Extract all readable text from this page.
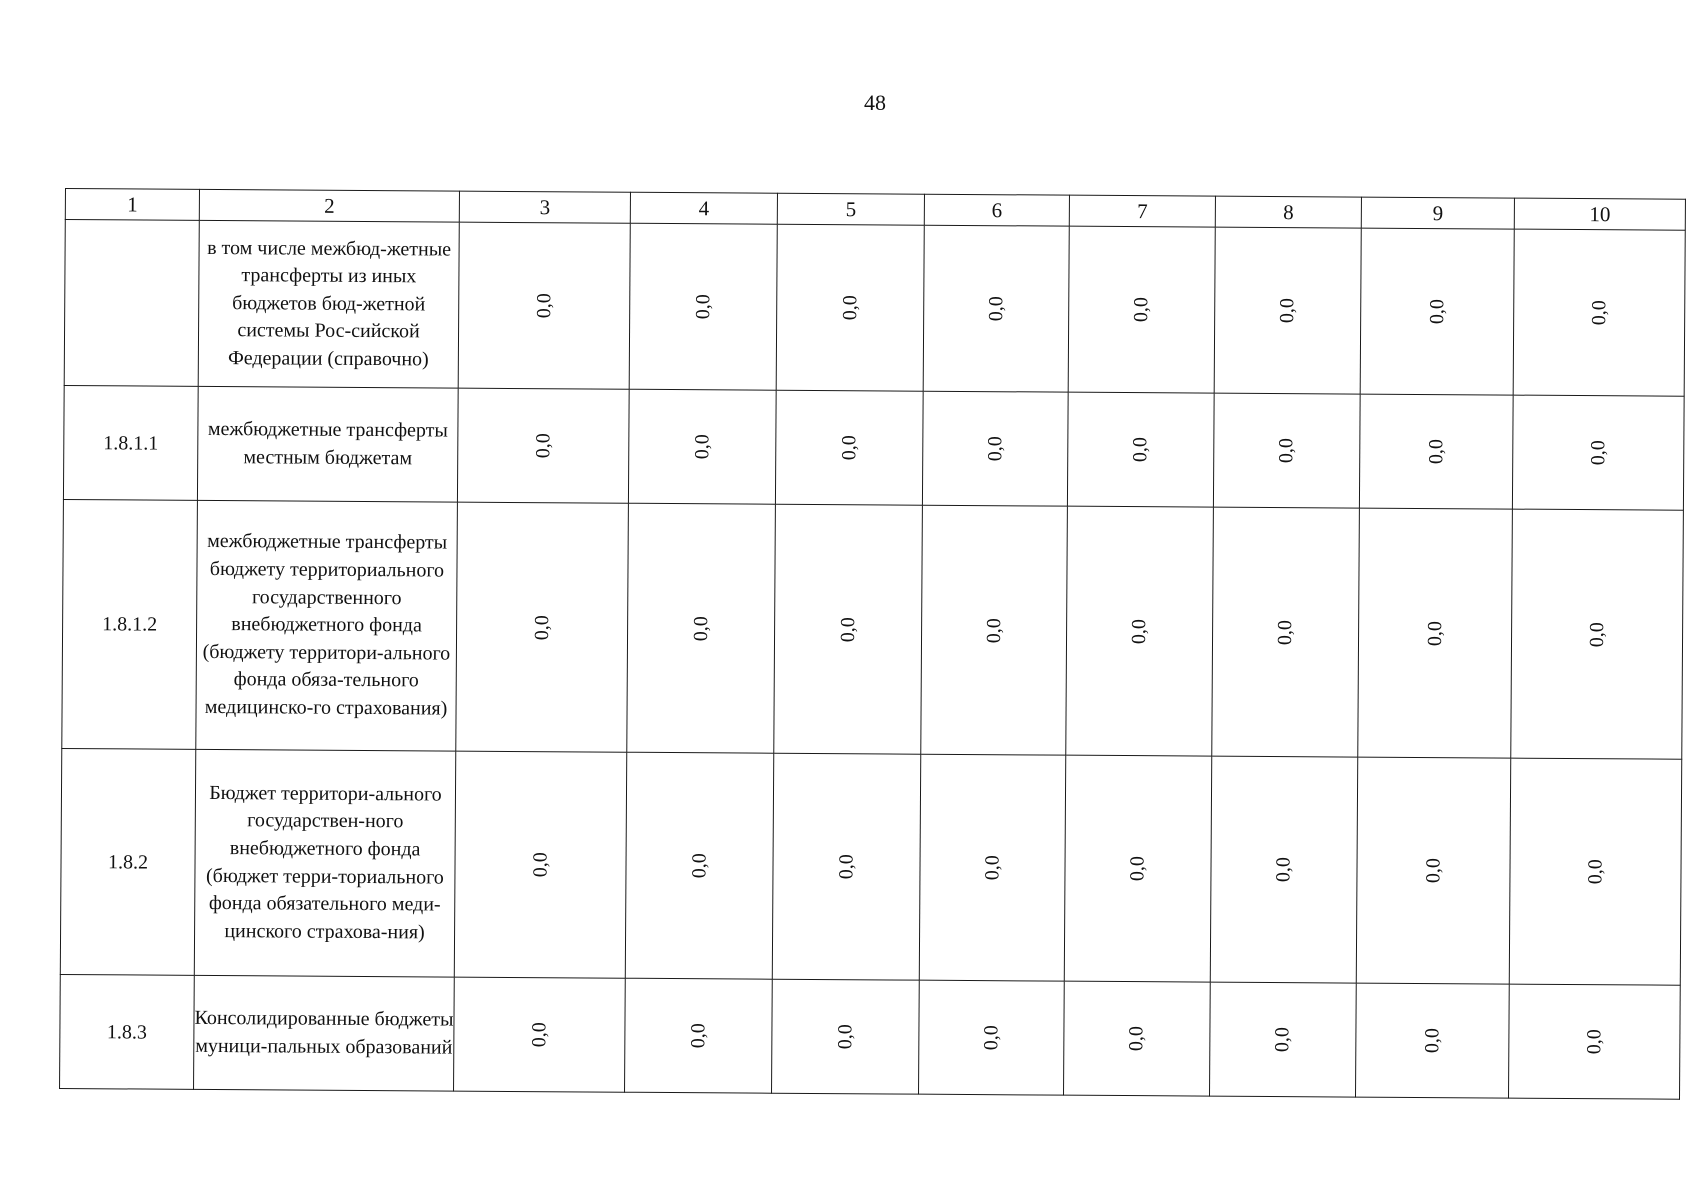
48
1	2	3	4	5	6	7	8	9	10
	в том числе межбюд-жетные трансферты из иных бюджетов бюд-жетной системы Рос-сийской Федерации (справочно)	0,0	0,0	0,0	0,0	0,0	0,0	0,0	0,0
1.8.1.1	межбюджетные трансферты местным бюджетам	0,0	0,0	0,0	0,0	0,0	0,0	0,0	0,0
1.8.1.2	межбюджетные трансферты бюджету территориального государственного внебюджетного фонда (бюджету территори-ального фонда обяза-тельного медицинско-го страхования)	0,0	0,0	0,0	0,0	0,0	0,0	0,0	0,0
1.8.2	Бюджет территори-ального государствен-ного внебюджетного фонда (бюджет терри-ториального фонда обязательного меди-цинского страхова-ния)	0,0	0,0	0,0	0,0	0,0	0,0	0,0	0,0
1.8.3	Консолидированные бюджеты муници-пальных образований	0,0	0,0	0,0	0,0	0,0	0,0	0,0	0,0
